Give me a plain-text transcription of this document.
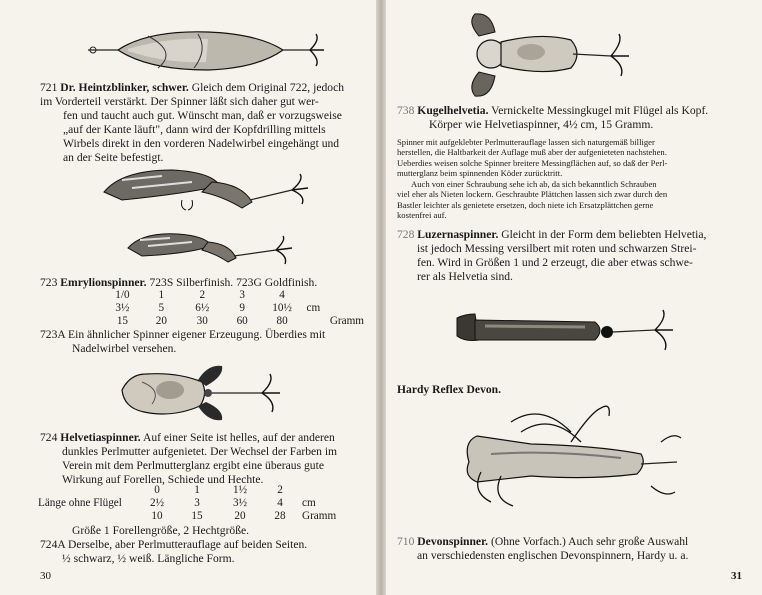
721 Dr. Heintzblinker, schwer. Gleich dem Original 722, jedoch
im Vorderteil verstärkt. Der Spinner läßt sich daher gut wer-
fen und taucht auch gut. Wünscht man, daß er vorzugsweise
„auf der Kante läuft", dann wird der Kopfdrilling mittels
Wirbels direkt in den vorderen Nadelwirbel eingehängt und
an der Seite befestigt.
723 Emrylionspinner. 723S Silberfinish. 723G Goldfinish.
1/0	1	2	3	4	
3½	5	6½	9	10½	cm
15	20	30	60	80	Gramm
723A Ein ähnlicher Spinner eigener Erzeugung. Überdies mit
Nadelwirbel versehen.
724 Helvetiaspinner. Auf einer Seite ist helles, auf der anderen
dunkles Perlmutter aufgenietet. Der Wechsel der Farben im
Verein mit dem Perlmutterglanz ergibt eine überaus gute
Wirkung auf Forellen, Schiede und Hechte.
	0	1	1½	2	
Länge ohne Flügel	2½	3	3½	4	cm
	10	15	20	28	Gramm
Größe 1 Forellengröße, 2 Hechtgröße.
724A Derselbe, aber Perlmutterauflage auf beiden Seiten.
½ schwarz, ½ weiß. Längliche Form.
30
738 Kugelhelvetia. Vernickelte Messingkugel mit Flügel als Kopf.
Körper wie Helvetiaspinner, 4½ cm, 15 Gramm.
Spinner mit aufgeklebter Perlmutterauflage lassen sich naturgemäß billiger
herstellen, die Haltbarkeit der Auflage muß aber der aufgenieteten nachstehen.
Ueberdies weisen solche Spinner breitere Messingflächen auf, so daß der Perl-
mutterglanz beim spinnenden Köder zurücktritt.
Auch von einer Schraubung sehe ich ab, da sich bekanntlich Schrauben
viel eher als Nieten lockern. Geschraubte Plättchen lassen sich zwar durch den
Bastler leichter als genietete ersetzen, doch niete ich Ersatzplättchen gerne
kostenfrei auf.
728 Luzernaspinner. Gleicht in der Form dem beliebten Helvetia,
ist jedoch Messing versilbert mit roten und schwarzen Strei-
fen. Wird in Größen 1 und 2 erzeugt, die aber etwas schwe-
rer als Helvetia sind.
Hardy Reflex Devon.
710 Devonspinner. (Ohne Vorfach.) Auch sehr große Auswahl
an verschiedensten englischen Devonspinnern, Hardy u. a.
31
